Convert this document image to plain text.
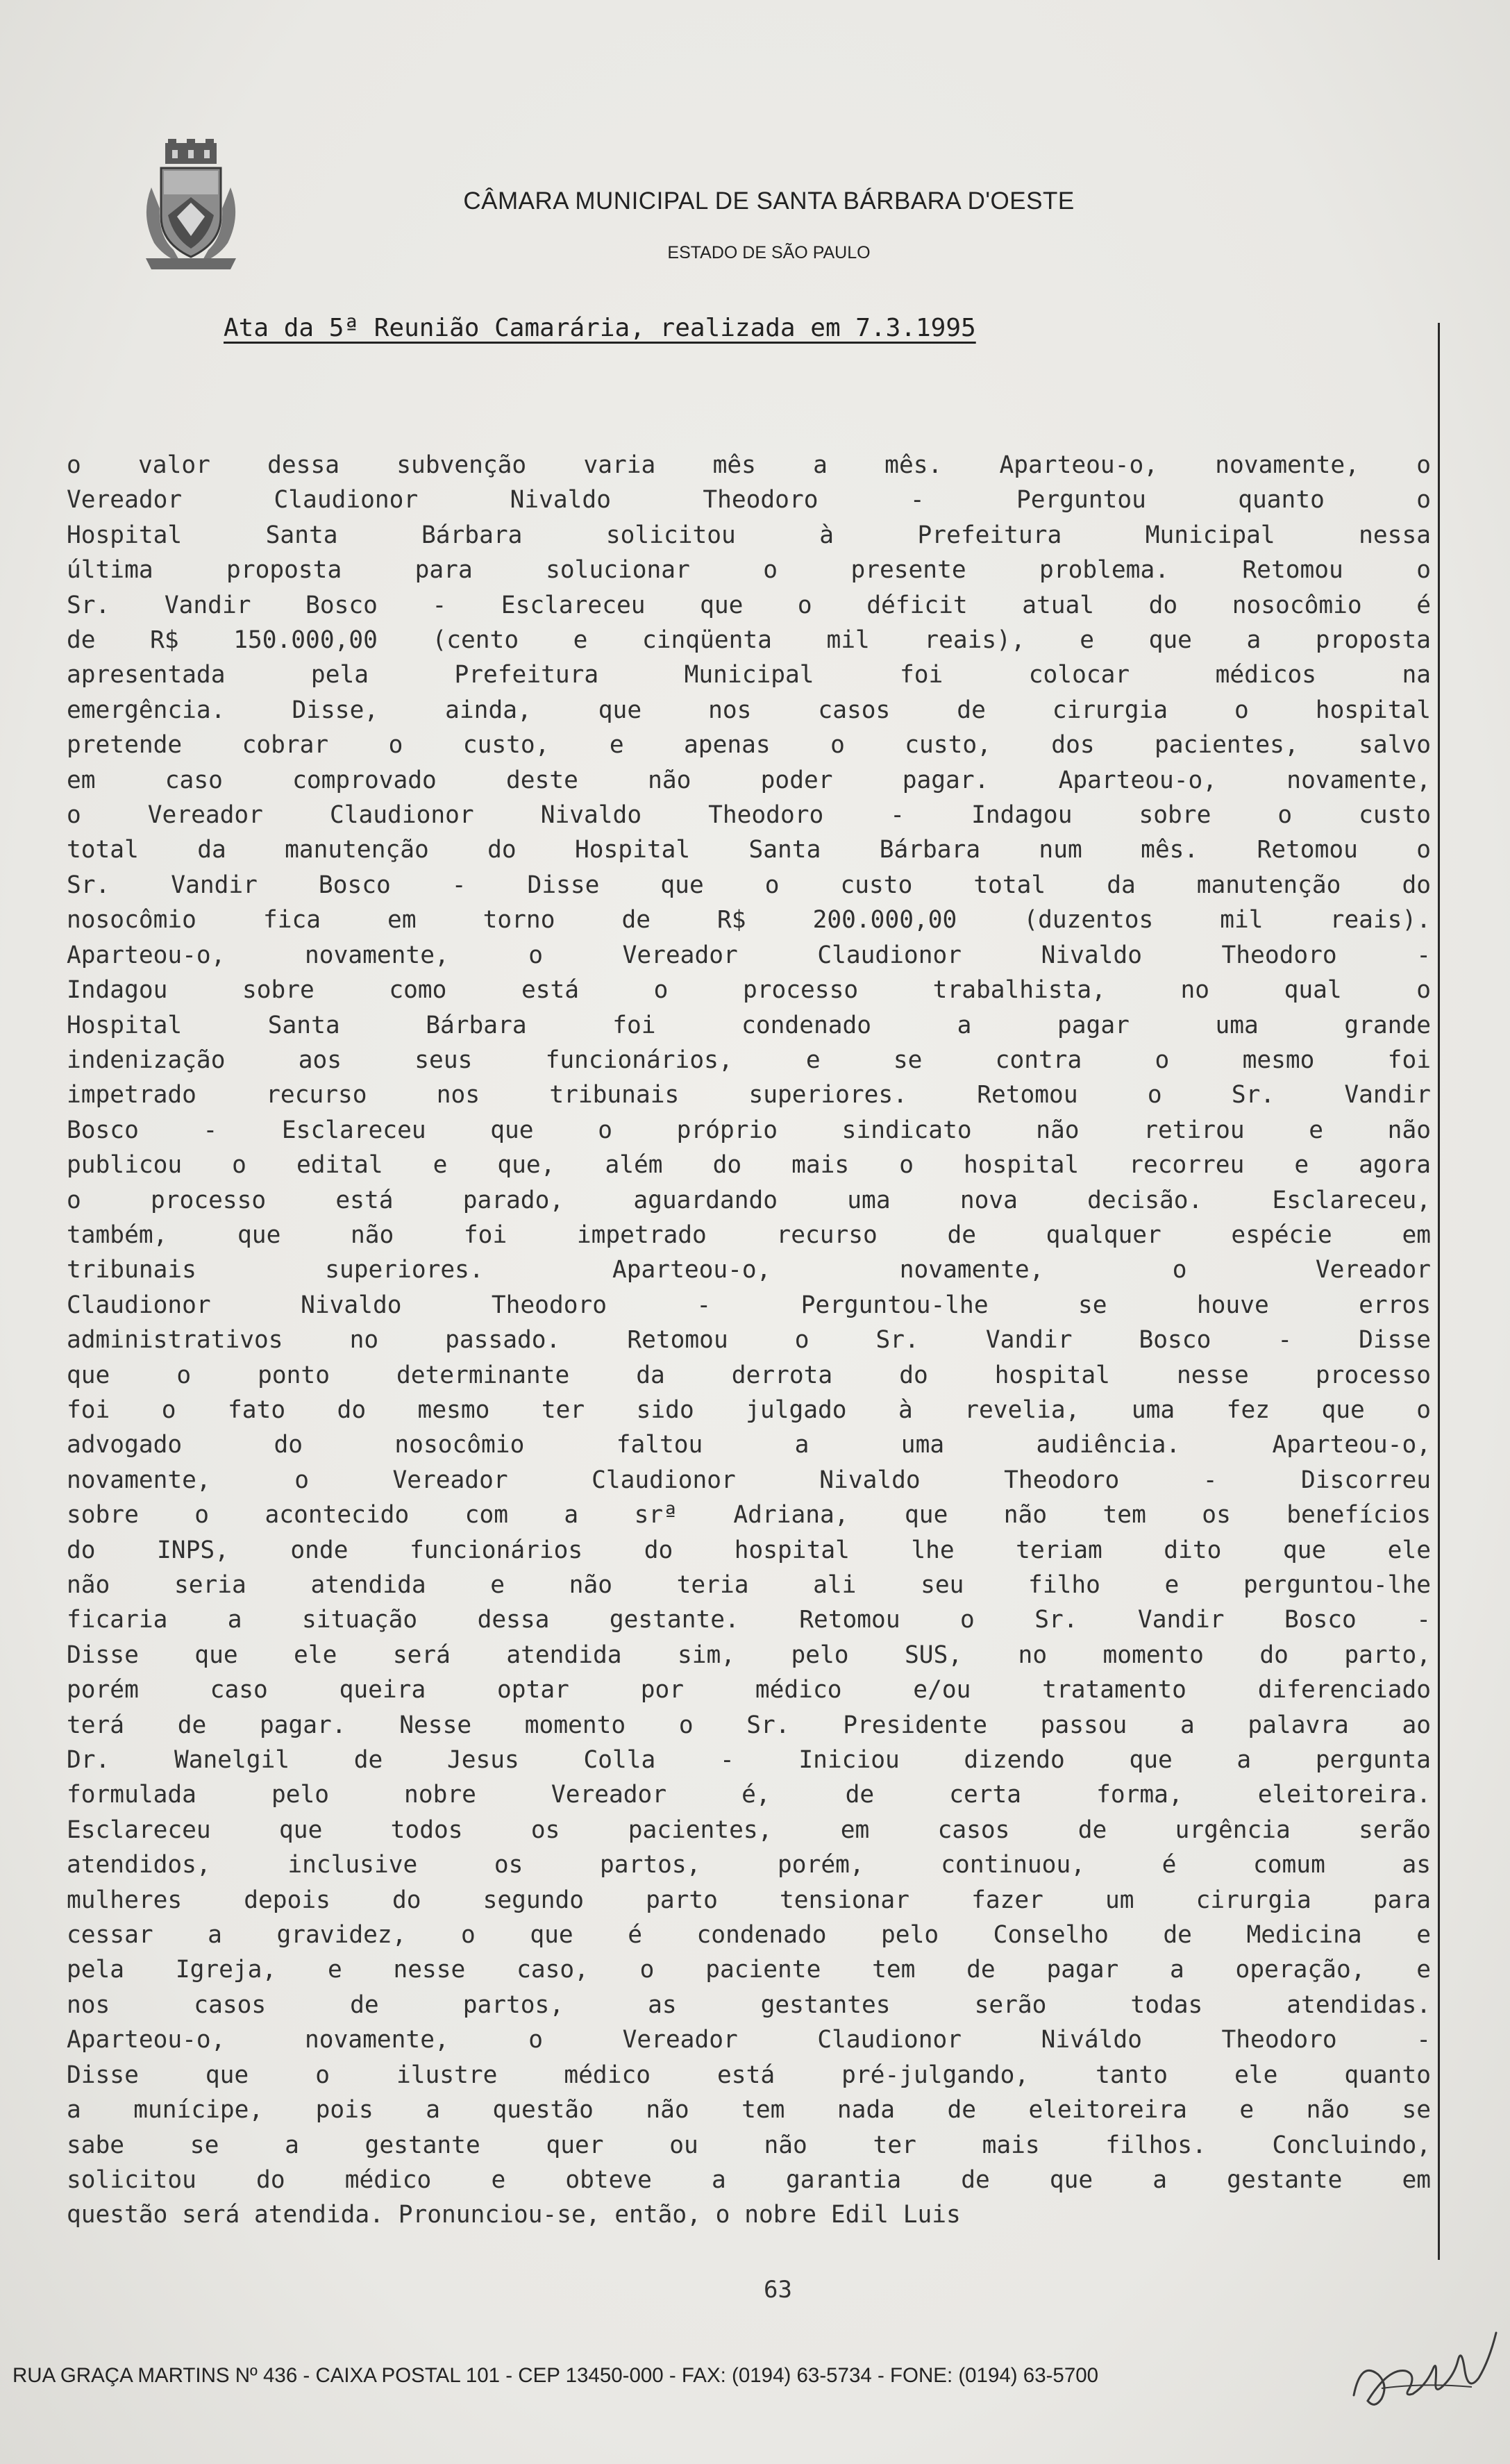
CÂMARA MUNICIPAL DE SANTA BÁRBARA D'OESTE
ESTADO DE SÃO PAULO
Ata da 5ª Reunião Camarária, realizada em 7.3.1995
o valor dessa subvenção varia mês a mês. Aparteou-o, novamente, o
Vereador Claudionor Nivaldo Theodoro - Perguntou quanto o
Hospital Santa Bárbara solicitou à Prefeitura Municipal nessa
última proposta para solucionar o presente problema. Retomou o
Sr. Vandir Bosco - Esclareceu que o déficit atual do nosocômio é
de R$ 150.000,00 (cento e cinqüenta mil reais), e que a proposta
apresentada pela Prefeitura Municipal foi colocar médicos na
emergência. Disse, ainda, que nos casos de cirurgia o hospital
pretende cobrar o custo, e apenas o custo, dos pacientes, salvo
em caso comprovado deste não poder pagar. Aparteou-o, novamente,
o Vereador Claudionor Nivaldo Theodoro - Indagou sobre o custo
total da manutenção do Hospital Santa Bárbara num mês. Retomou o
Sr. Vandir Bosco - Disse que o custo total da manutenção do
nosocômio fica em torno de R$ 200.000,00 (duzentos mil reais).
Aparteou-o, novamente, o Vereador Claudionor Nivaldo Theodoro -
Indagou sobre como está o processo trabalhista, no qual o
Hospital Santa Bárbara foi condenado a pagar uma grande
indenização aos seus funcionários, e se contra o mesmo foi
impetrado recurso nos tribunais superiores. Retomou o Sr. Vandir
Bosco - Esclareceu que o próprio sindicato não retirou e não
publicou o edital e que, além do mais o hospital recorreu e agora
o processo está parado, aguardando uma nova decisão. Esclareceu,
também, que não foi impetrado recurso de qualquer espécie em
tribunais superiores. Aparteou-o, novamente, o Vereador
Claudionor Nivaldo Theodoro - Perguntou-lhe se houve erros
administrativos no passado. Retomou o Sr. Vandir Bosco - Disse
que o ponto determinante da derrota do hospital nesse processo
foi o fato do mesmo ter sido julgado à revelia, uma fez que o
advogado do nosocômio faltou a uma audiência. Aparteou-o,
novamente, o Vereador Claudionor Nivaldo Theodoro - Discorreu
sobre o acontecido com a srª Adriana, que não tem os benefícios
do INPS, onde funcionários do hospital lhe teriam dito que ele
não seria atendida e não teria ali seu filho e perguntou-lhe
ficaria a situação dessa gestante. Retomou o Sr. Vandir Bosco -
Disse que ele será atendida sim, pelo SUS, no momento do parto,
porém caso queira optar por médico e/ou tratamento diferenciado
terá de pagar. Nesse momento o Sr. Presidente passou a palavra ao
Dr. Wanelgil de Jesus Colla - Iniciou dizendo que a pergunta
formulada pelo nobre Vereador é, de certa forma, eleitoreira.
Esclareceu que todos os pacientes, em casos de urgência serão
atendidos, inclusive os partos, porém, continuou, é comum as
mulheres depois do segundo parto tensionar fazer um cirurgia para
cessar a gravidez, o que é condenado pelo Conselho de Medicina e
pela Igreja, e nesse caso, o paciente tem de pagar a operação, e
nos casos de partos, as gestantes serão todas atendidas.
Aparteou-o, novamente, o Vereador Claudionor Niváldo Theodoro -
Disse que o ilustre médico está pré-julgando, tanto ele quanto
a munícipe, pois a questão não tem nada de eleitoreira e não se
sabe se a gestante quer ou não ter mais filhos. Concluindo,
solicitou do médico e obteve a garantia de que a gestante em
questão será atendida. Pronunciou-se, então, o nobre Edil Luis
63
RUA GRAÇA MARTINS Nº 436 - CAIXA POSTAL 101 - CEP 13450-000 - FAX: (0194) 63-5734 - FONE: (0194) 63-5700
